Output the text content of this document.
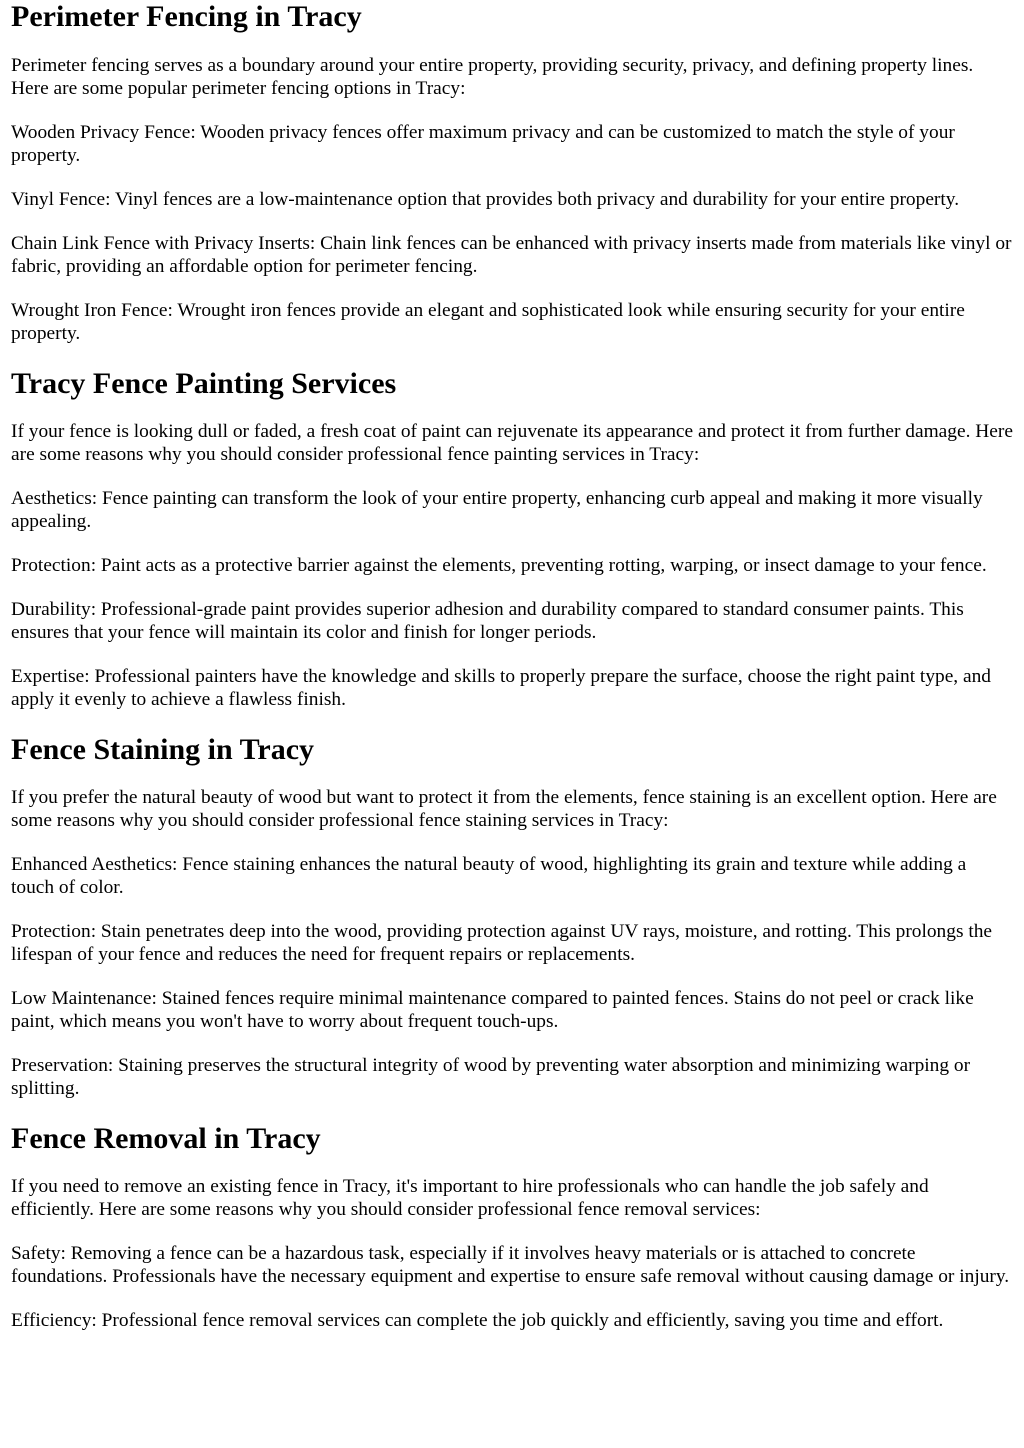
Perimeter Fencing in Tracy

Perimeter fencing serves as a boundary around your entire property, providing security, privacy, and defining property lines. Here are some popular perimeter fencing options in Tracy:

Wooden Privacy Fence: Wooden privacy fences offer maximum privacy and can be customized to match the style of your property.

Vinyl Fence: Vinyl fences are a low-maintenance option that provides both privacy and durability for your entire property.

Chain Link Fence with Privacy Inserts: Chain link fences can be enhanced with privacy inserts made from materials like vinyl or fabric, providing an affordable option for perimeter fencing.

Wrought Iron Fence: Wrought iron fences provide an elegant and sophisticated look while ensuring security for your entire property.

Tracy Fence Painting Services

If your fence is looking dull or faded, a fresh coat of paint can rejuvenate its appearance and protect it from further damage. Here are some reasons why you should consider professional fence painting services in Tracy:

Aesthetics: Fence painting can transform the look of your entire property, enhancing curb appeal and making it more visually appealing.

Protection: Paint acts as a protective barrier against the elements, preventing rotting, warping, or insect damage to your fence.

Durability: Professional-grade paint provides superior adhesion and durability compared to standard consumer paints. This ensures that your fence will maintain its color and finish for longer periods.

Expertise: Professional painters have the knowledge and skills to properly prepare the surface, choose the right paint type, and apply it evenly to achieve a flawless finish.

Fence Staining in Tracy

If you prefer the natural beauty of wood but want to protect it from the elements, fence staining is an excellent option. Here are some reasons why you should consider professional fence staining services in Tracy:

Enhanced Aesthetics: Fence staining enhances the natural beauty of wood, highlighting its grain and texture while adding a touch of color.

Protection: Stain penetrates deep into the wood, providing protection against UV rays, moisture, and rotting. This prolongs the lifespan of your fence and reduces the need for frequent repairs or replacements.

Low Maintenance: Stained fences require minimal maintenance compared to painted fences. Stains do not peel or crack like paint, which means you won't have to worry about frequent touch-ups.

Preservation: Staining preserves the structural integrity of wood by preventing water absorption and minimizing warping or splitting.

Fence Removal in Tracy

If you need to remove an existing fence in Tracy, it's important to hire professionals who can handle the job safely and efficiently. Here are some reasons why you should consider professional fence removal services:

Safety: Removing a fence can be a hazardous task, especially if it involves heavy materials or is attached to concrete foundations. Professionals have the necessary equipment and expertise to ensure safe removal without causing damage or injury.

Efficiency: Professional fence removal services can complete the job quickly and efficiently, saving you time and effort.
